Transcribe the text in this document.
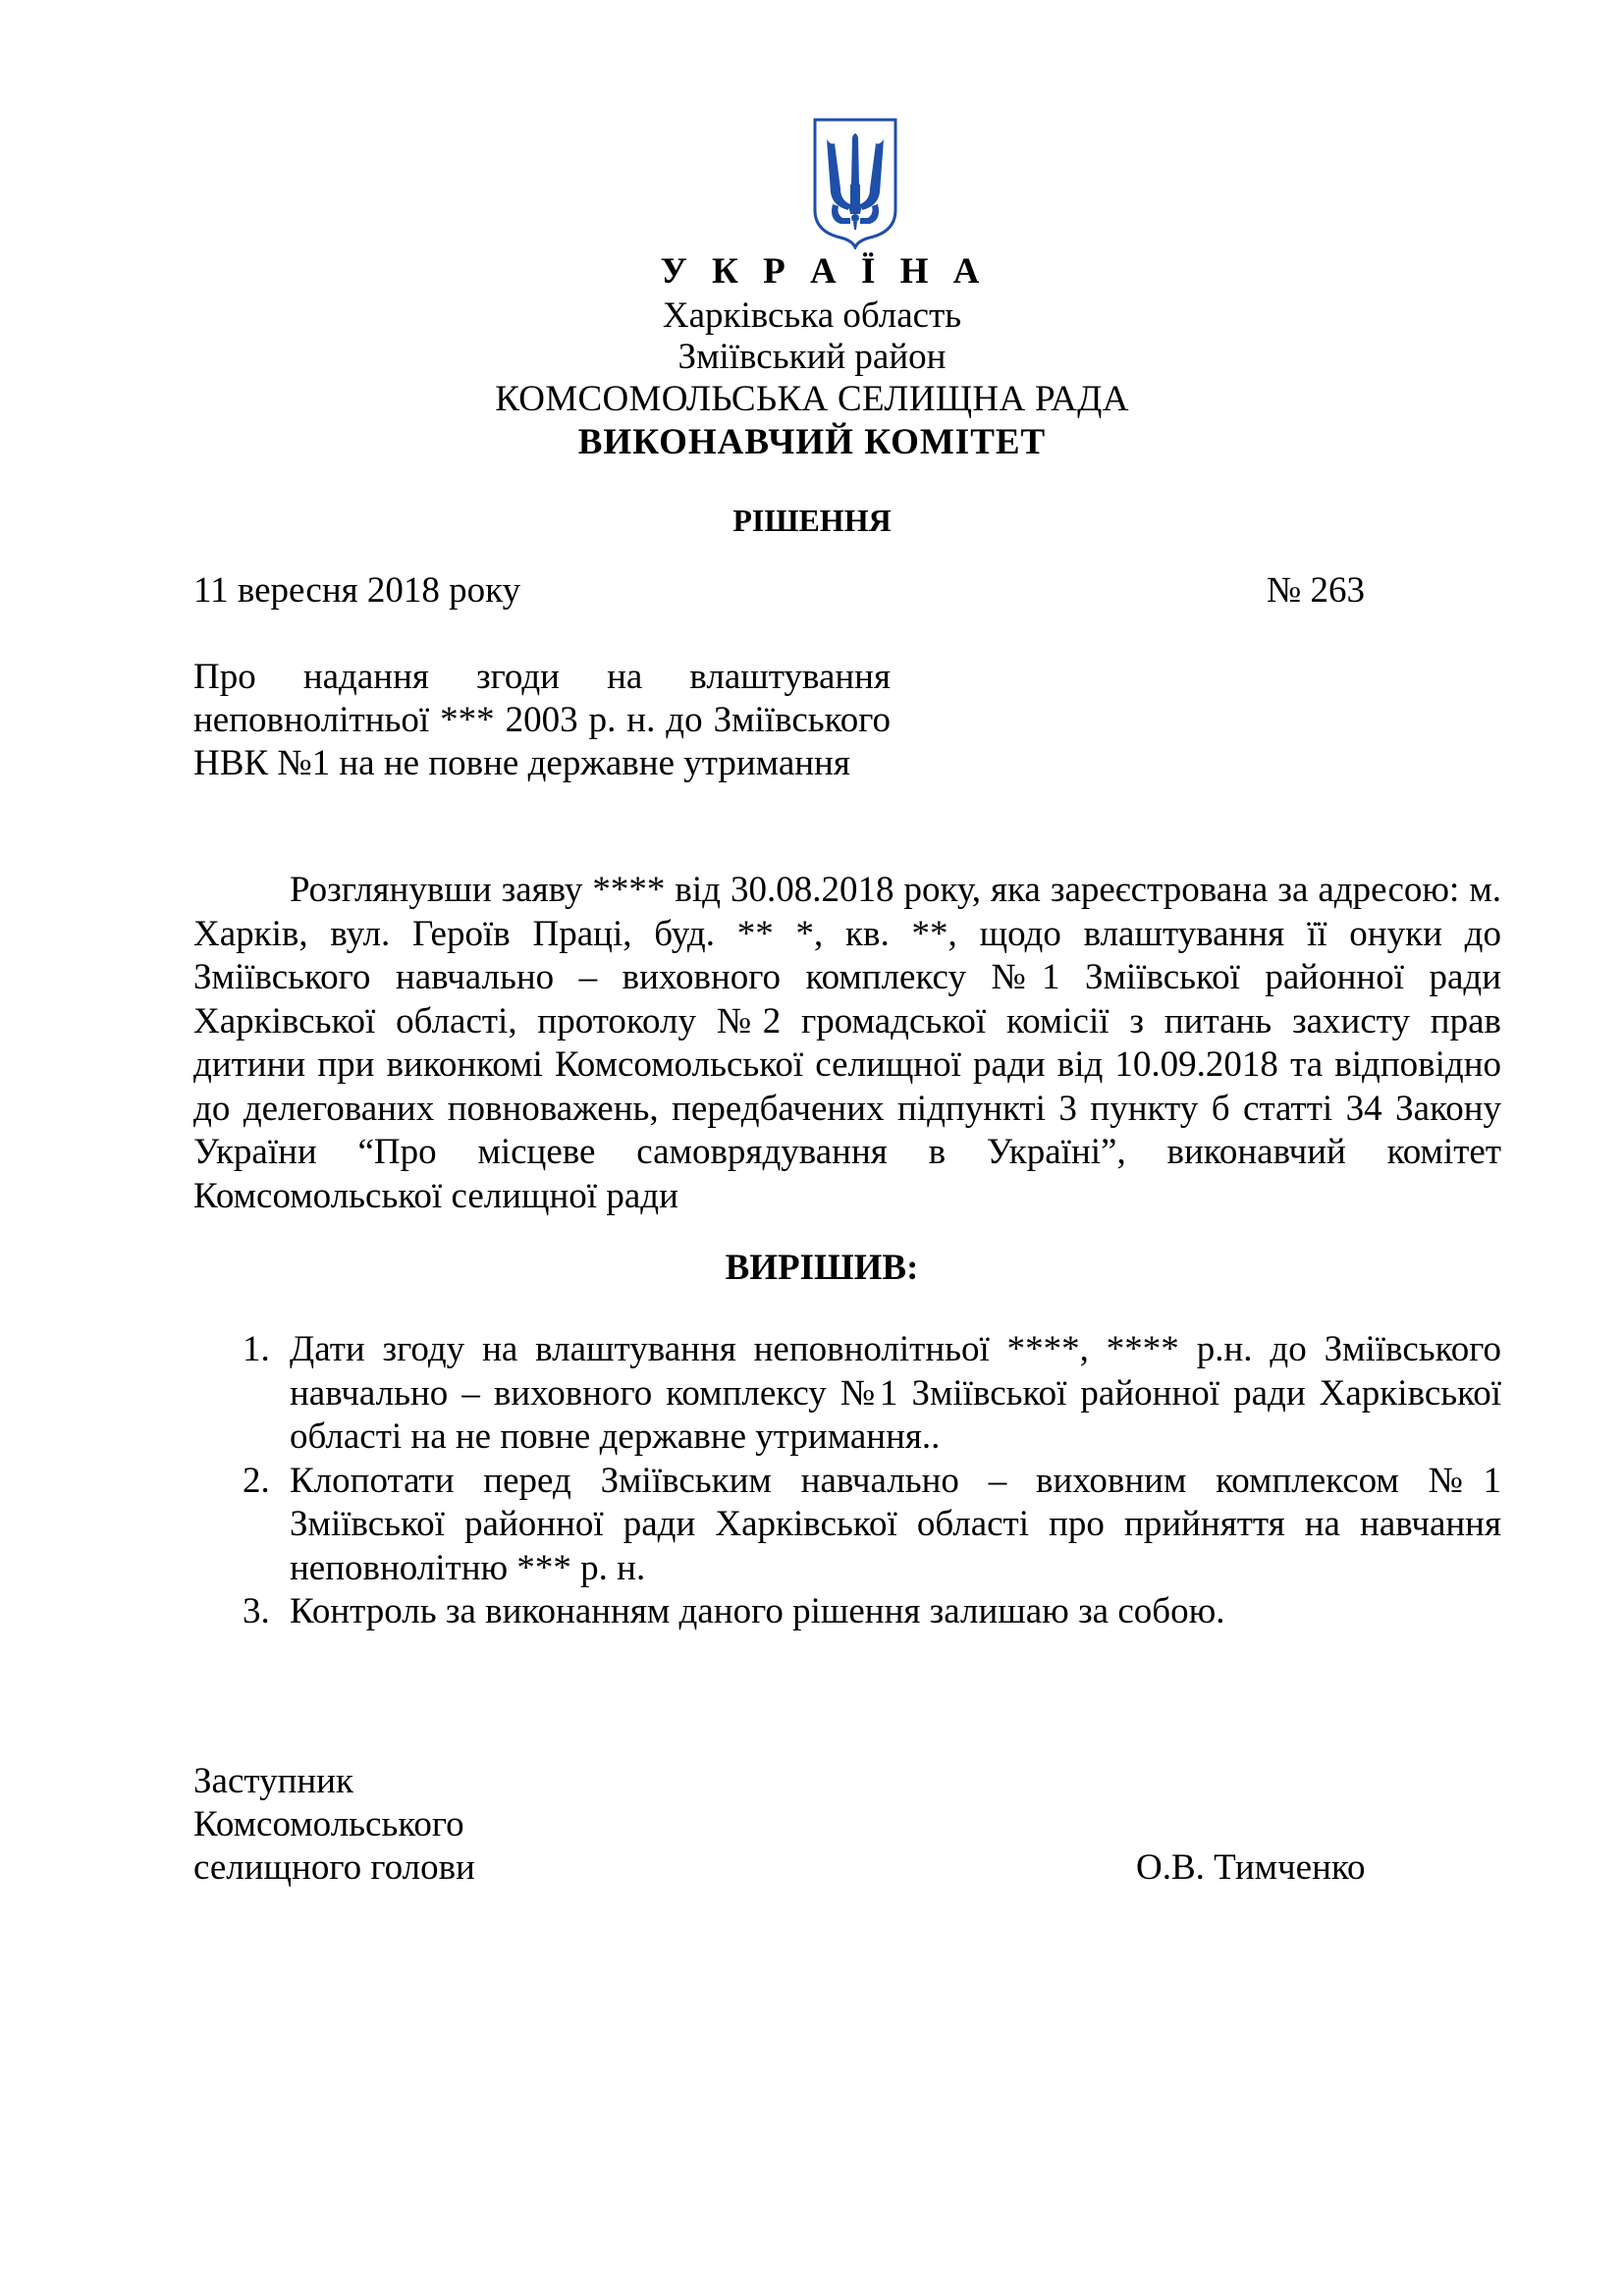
У К Р А Ї Н А
Харківська область
Зміївський район
КОМСОМОЛЬСЬКА СЕЛИЩНА РАДА
ВИКОНАВЧИЙ КОМІТЕТ
РІШЕННЯ
11 вересня 2018 року	№ 263
Про надання згоди на влаштування неповнолітньої *** 2003 р. н. до Зміївського НВК №1 на не повне державне утримання
Розглянувши заяву **** від 30.08.2018 року, яка зареєстрована за адресою: м. Харків, вул. Героїв Праці, буд. ** *, кв. **, щодо влаштування її онуки до Зміївського навчально – виховного комплексу №1 Зміївської районної ради Харківської області, протоколу №2 громадської комісії з питань захисту прав дитини при виконкомі Комсомольської селищної ради від 10.09.2018 та відповідно до делегованих повноважень, передбачених підпункті 3 пункту б статті 34 Закону України “Про місцеве самоврядування в Україні”, виконавчий комітет Комсомольської селищної ради
ВИРІШИВ:
1. Дати згоду на влаштування неповнолітньої ****, **** р.н. до Зміївського навчально – виховного комплексу №1 Зміївської районної ради Харківської області на не повне державне утримання..
2. Клопотати перед Зміївським навчально – виховним комплексом №1 Зміївської районної ради Харківської області про прийняття на навчання неповнолітню *** р. н.
3. Контроль за виконанням даного рішення залишаю за собою.
Заступник
Комсомольського
селищного голови	О.В. Тимченко
